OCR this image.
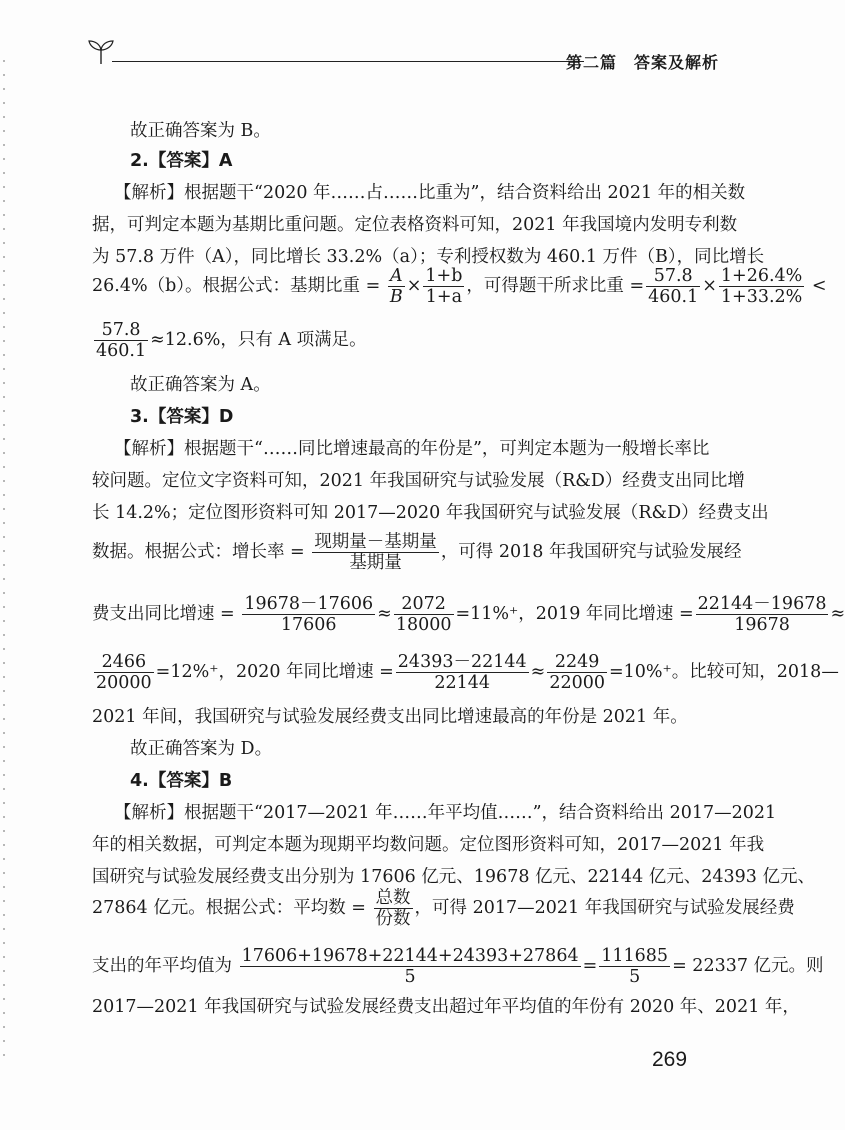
第二篇　答案及解析
故正确答案为 B。
2.【答案】A
【解析】根据题干“2020 年……占……比重为”，结合资料给出 2021 年的相关数
据，可判定本题为基期比重问题。定位表格资料可知，2021 年我国境内发明专利数
为 57.8 万件（A），同比增长 33.2%（a）；专利授权数为 460.1 万件（B），同比增长
26.4%（b）。根据公式：基期比重 = $\frac{A}{B} \times \frac{1+b}{1+a}$ ，可得题干所求比重 = $\frac{57.8}{460.1} \times \frac{1+26.4\%}{1+33.2\%}$ <
$\frac{57.8}{460.1} \approx 12.6\%$，只有 A 项满足。
故正确答案为 A。
3.【答案】D
【解析】根据题干“……同比增速最高的年份是”，可判定本题为一般增长率比
较问题。定位文字资料可知，2021 年我国研究与试验发展（R&D）经费支出同比增
长 14.2%；定位图形资料可知 2017—2020 年我国研究与试验发展（R&D）经费支出
数据。根据公式：增长率 = $\frac{\text{现期量－基期量}}{\text{基期量}}$ ，可得 2018 年我国研究与试验发展经
费支出同比增速 = $\frac{19678-17606}{17606} \approx \frac{2072}{18000} =11\%^+$，2019 年同比增速 = $\frac{22144-19678}{19678}$ ≈
$\frac{2466}{20000} =12\%^+$，2020 年同比增速 = $\frac{24393-22144}{22144} \approx \frac{2249}{22000} =10\%^+$。比较可知，2018—
2021 年间，我国研究与试验发展经费支出同比增速最高的年份是 2021 年。
故正确答案为 D。
4.【答案】B
【解析】根据题干“2017—2021 年……年平均值……”，结合资料给出 2017—2021
年的相关数据，可判定本题为现期平均数问题。定位图形资料可知，2017—2021 年我
国研究与试验发展经费支出分别为 17606 亿元、19678 亿元、22144 亿元、24393 亿元、
27864 亿元。根据公式：平均数 = $\frac{\text{总数}}{\text{份数}}$ ，可得 2017—2021 年我国研究与试验发展经费
支出的年平均值为 $\frac{17606+19678+22144+24393+27864}{5} = \frac{111685}{5} = 22337$ 亿元。则
2017—2021 年我国研究与试验发展经费支出超过年平均值的年份有 2020 年、2021 年，
269
